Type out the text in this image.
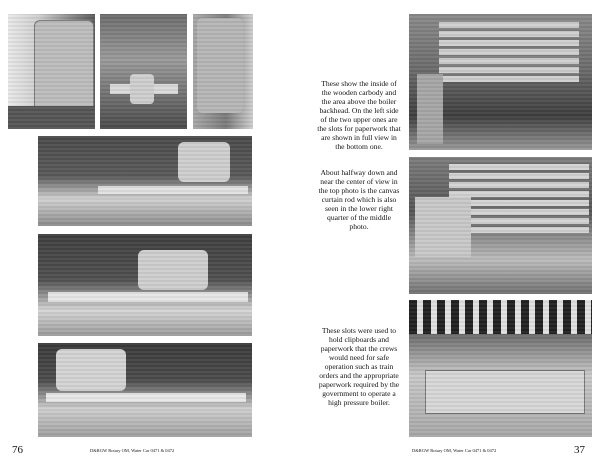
76	D&RGW Rotary OM, Water Car 0471 & 0472
These show the inside of the wooden carbody and the area above the boiler backhead. On the left side of the two upper ones are the slots for paperwork that are shown in full view in the bottom one.
About halfway down and near the center of view in the top photo is the canvas curtain rod which is also seen in the lower right quarter of the middle photo.
These slots were used to hold clipboards and paperwork that the crews would need for safe operation such as train orders and the appropriate paperwork required by the government to operate a high pressure boiler.
D&RGW Rotary OM, Water Car 0471 & 0472	37
